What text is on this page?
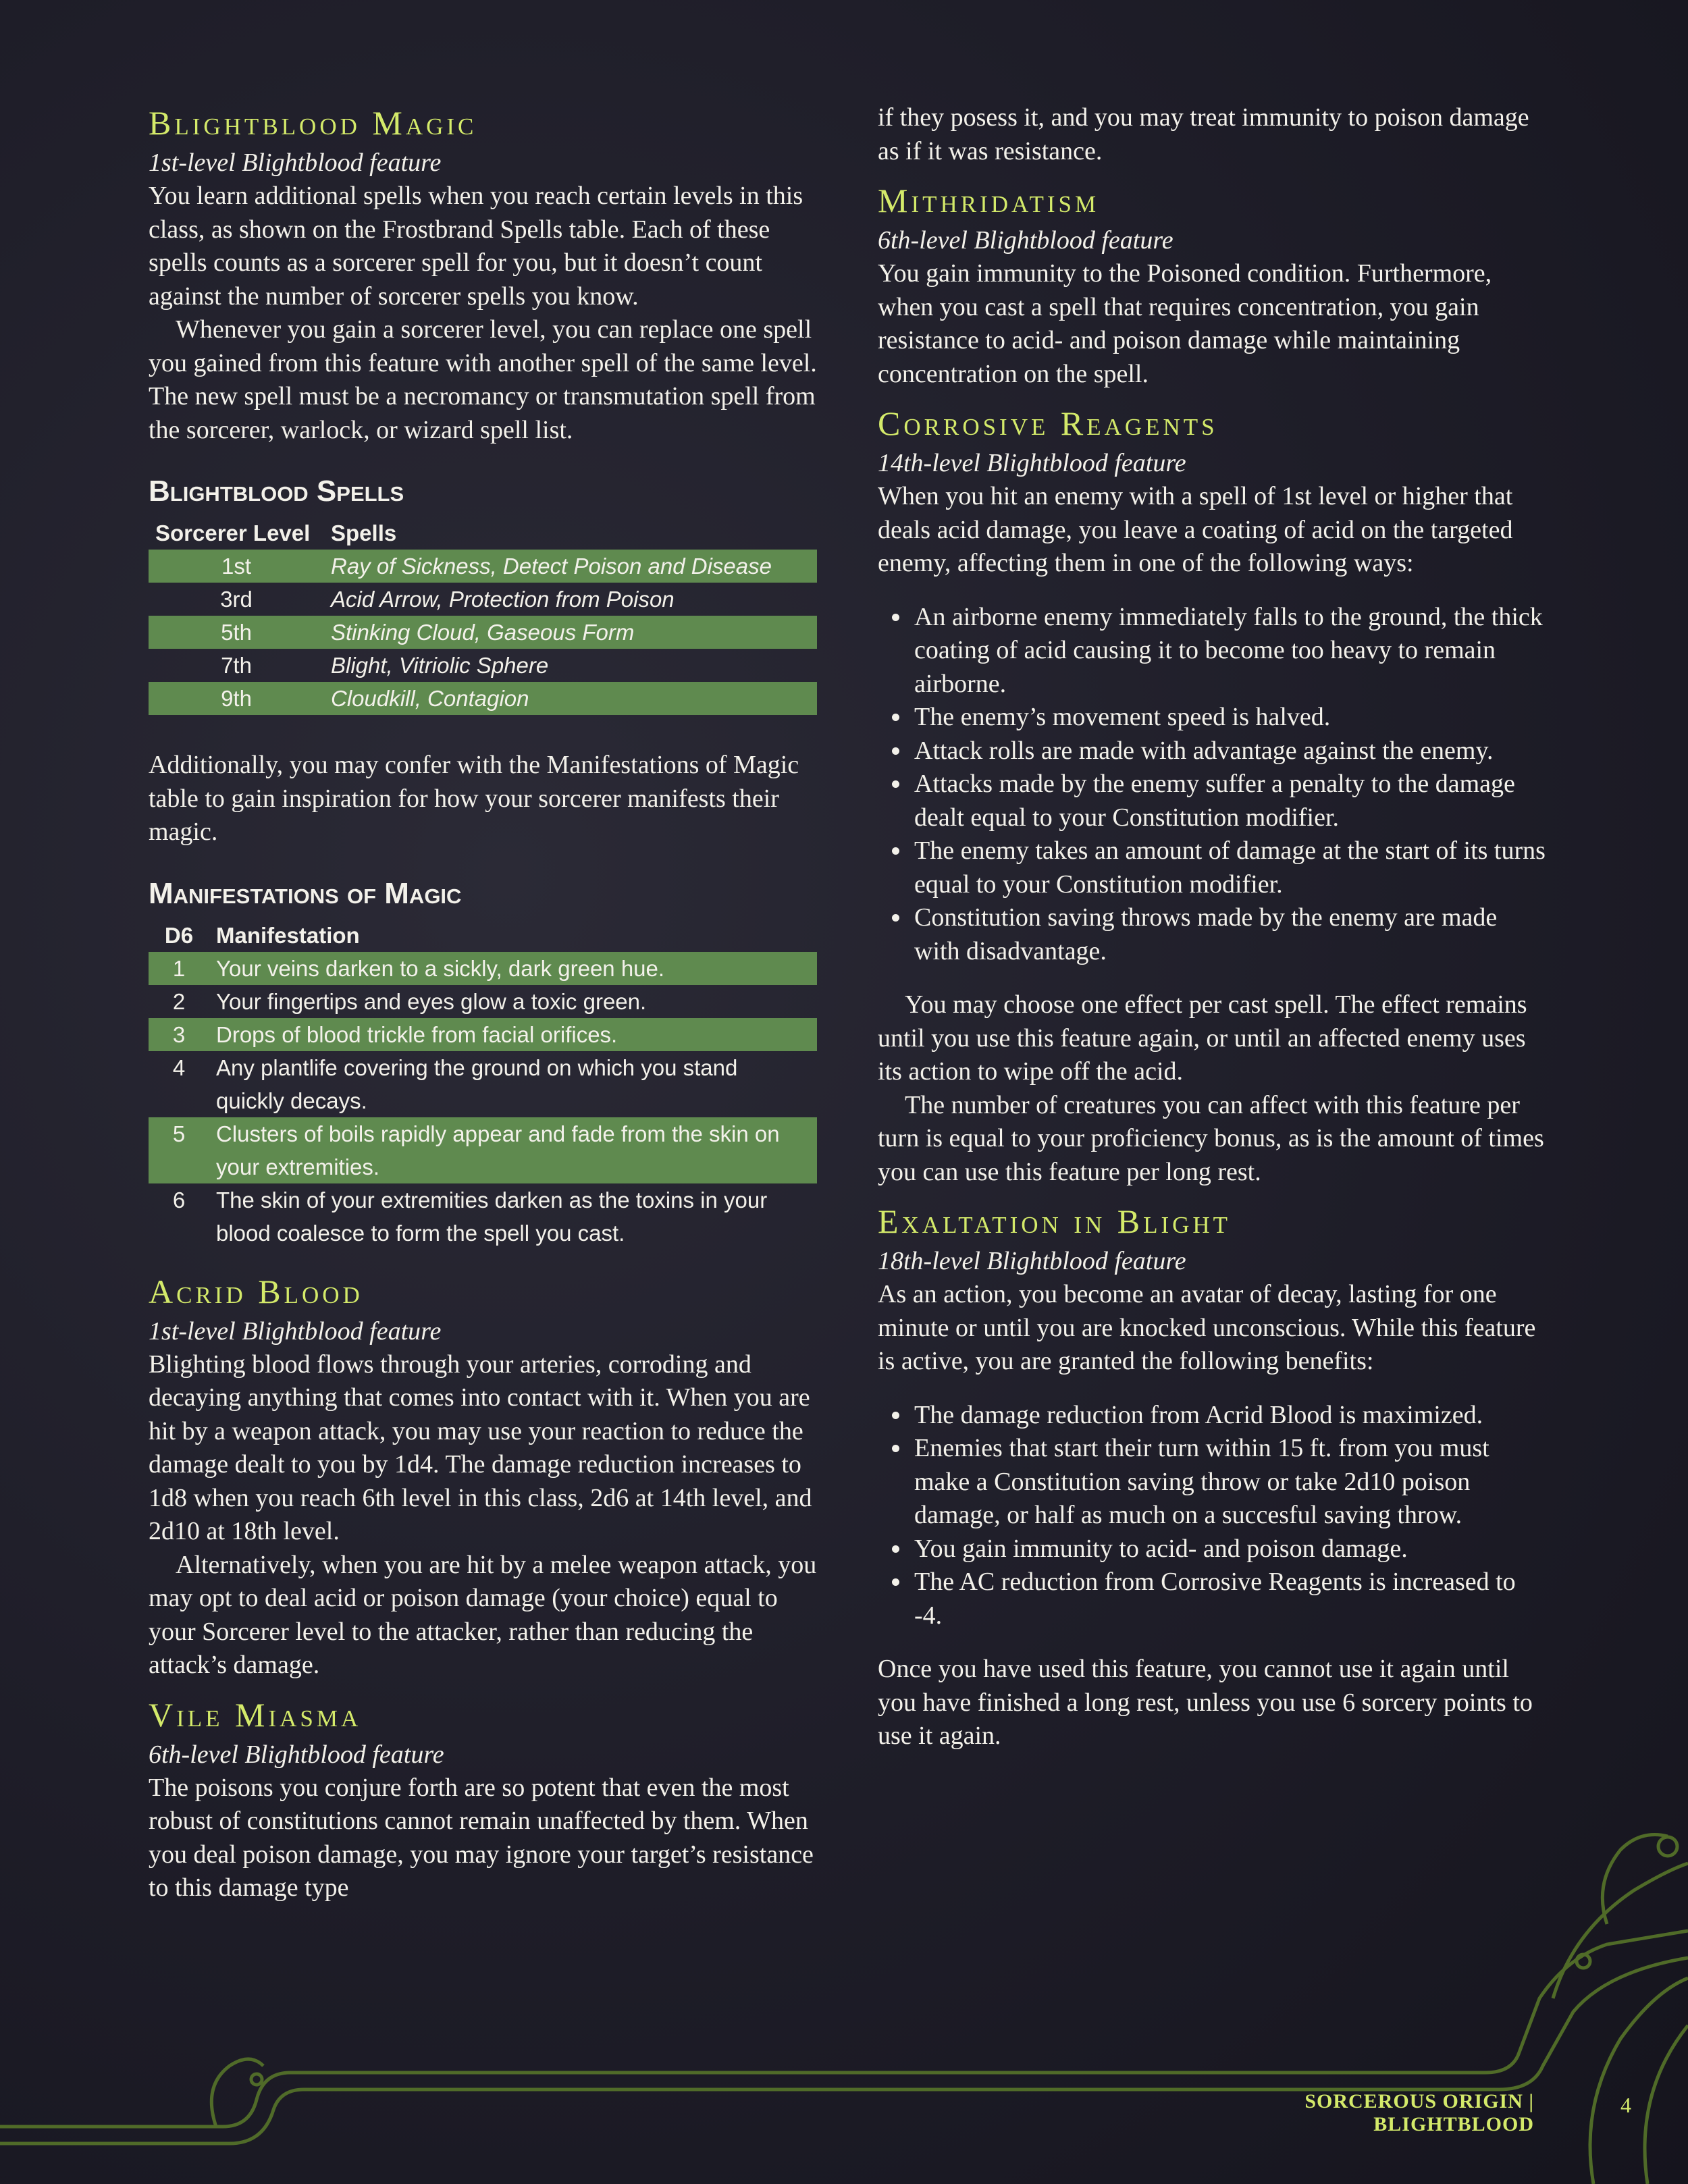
Blightblood Magic
1st-level Blightblood feature

You learn additional spells when you reach certain levels in this class, as shown on the Frostbrand Spells table. Each of these spells counts as a sorcerer spell for you, but it doesn’t count against the number of sorcerer spells you know.

Whenever you gain a sorcerer level, you can replace one spell you gained from this feature with another spell of the same level. The new spell must be a necromancy or transmutation spell from the sorcerer, warlock, or wizard spell list.

Blightblood Spells
Sorcerer Level	Spells
1st	Ray of Sickness, Detect Poison and Disease
3rd	Acid Arrow, Protection from Poison
5th	Stinking Cloud, Gaseous Form
7th	Blight, Vitriolic Sphere
9th	Cloudkill, Contagion

Additionally, you may confer with the Manifestations of Magic table to gain inspiration for how your sorcerer manifests their magic.

Manifestations of Magic
D6	Manifestation
1	Your veins darken to a sickly, dark green hue.
2	Your fingertips and eyes glow a toxic green.
3	Drops of blood trickle from facial orifices.
4	Any plantlife covering the ground on which you stand quickly decays.
5	Clusters of boils rapidly appear and fade from the skin on your extremities.
6	The skin of your extremities darken as the toxins in your blood coalesce to form the spell you cast.
Acrid Blood
1st-level Blightblood feature

Blighting blood flows through your arteries, corroding and decaying anything that comes into contact with it. When you are hit by a weapon attack, you may use your reaction to reduce the damage dealt to you by 1d4. The damage reduction increases to 1d8 when you reach 6th level in this class, 2d6 at 14th level, and 2d10 at 18th level.

Alternatively, when you are hit by a melee weapon attack, you may opt to deal acid or poison damage (your choice) equal to your Sorcerer level to the attacker, rather than reducing the attack’s damage.

Vile Miasma
6th-level Blightblood feature

The poisons you conjure forth are so potent that even the most robust of constitutions cannot remain unaffected by them. When you deal poison damage, you may ignore your target’s resistance to this damage type

if they posess it, and you may treat immunity to poison damage as if it was resistance.

Mithridatism
6th-level Blightblood feature

You gain immunity to the Poisoned condition. Furthermore, when you cast a spell that requires concentration, you gain resistance to acid- and poison damage while maintaining concentration on the spell.

Corrosive Reagents
14th-level Blightblood feature

When you hit an enemy with a spell of 1st level or higher that deals acid damage, you leave a coating of acid on the targeted enemy, affecting them in one of the following ways:

• An airborne enemy immediately falls to the ground, the thick coating of acid causing it to become too heavy to remain airborne.
• The enemy’s movement speed is halved.
• Attack rolls are made with advantage against the enemy.
• Attacks made by the enemy suffer a penalty to the damage dealt equal to your Constitution modifier.
• The enemy takes an amount of damage at the start of its turns equal to your Constitution modifier.
• Constitution saving throws made by the enemy are made with disadvantage.

You may choose one effect per cast spell. The effect remains until you use this feature again, or until an affected enemy uses its action to wipe off the acid.

The number of creatures you can affect with this feature per turn is equal to your proficiency bonus, as is the amount of times you can use this feature per long rest.

Exaltation in Blight
18th-level Blightblood feature

As an action, you become an avatar of decay, lasting for one minute or until you are knocked unconscious. While this feature is active, you are granted the following benefits:

• The damage reduction from Acrid Blood is maximized.
• Enemies that start their turn within 15 ft. from you must make a Constitution saving throw or take 2d10 poison damage, or half as much on a succesful saving throw.
• You gain immunity to acid- and poison damage.
• The AC reduction from Corrosive Reagents is increased to -4.

Once you have used this feature, you cannot use it again until you have finished a long rest, unless you use 6 sorcery points to use it again.

SORCEROUS ORIGIN | BLIGHTBLOOD
4
